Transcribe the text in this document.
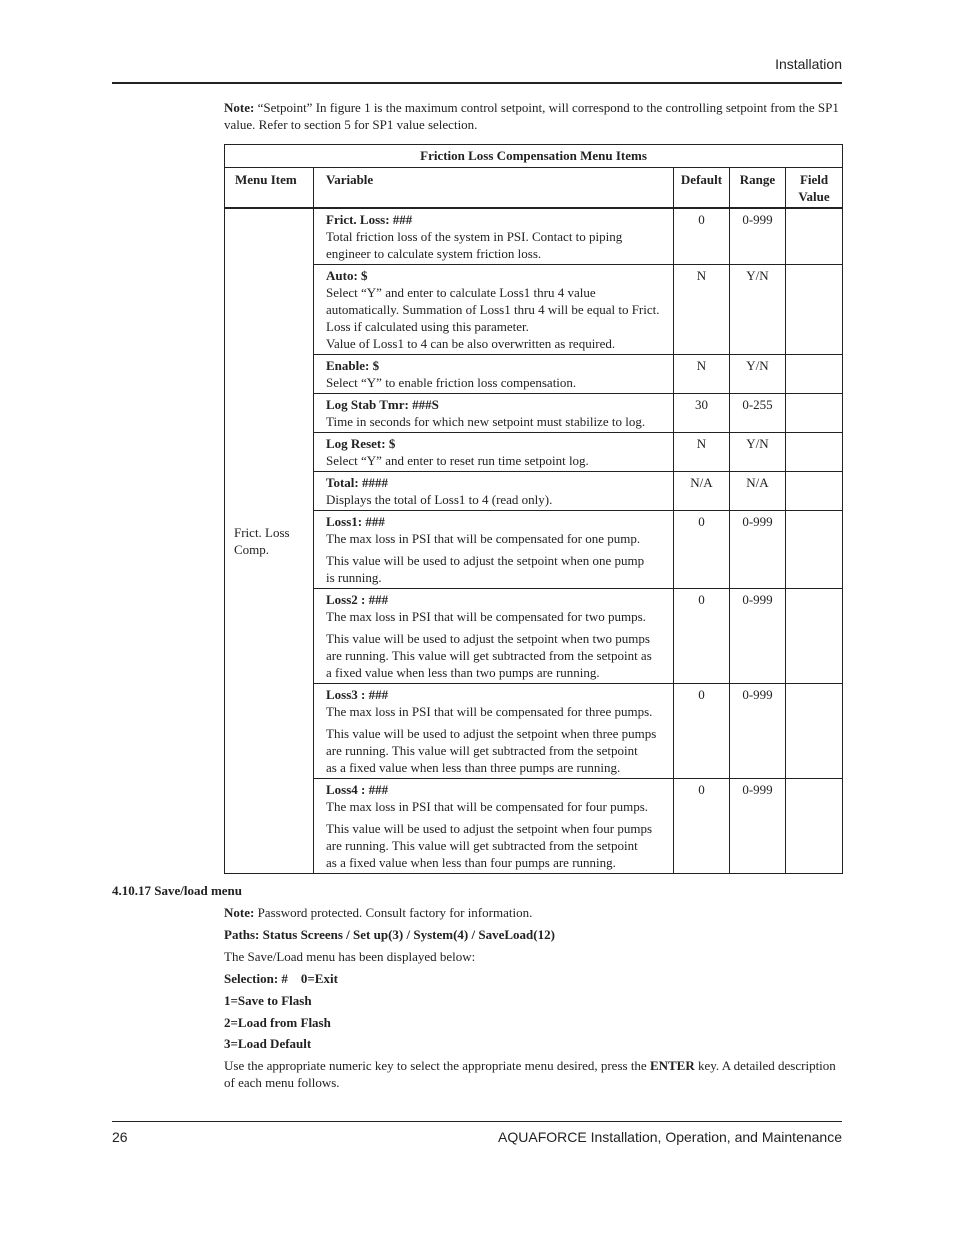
Installation
Note: “Setpoint” In figure 1 is the maximum control setpoint, will correspond to the controlling setpoint from the SP1 value. Refer to section 5 for SP1 value selection.
Friction Loss Compensation Menu Items				
Menu Item	Variable	Default	Range	Field Value
Frict. Loss Comp.	Frict. Loss: ###
Total friction loss of the system in PSI. Contact to piping
engineer to calculate system friction loss.	0	0-999	

	Auto: $
Select “Y” and enter to calculate Loss1 thru 4 value
automatically. Summation of Loss1 thru 4 will be equal to Frict.
Loss if calculated using this parameter.
Value of Loss1 to 4 can be also overwritten as required.	N	Y/N	

	Enable: $
Select “Y” to enable friction loss compensation.	N	Y/N	

	Log Stab Tmr: ###S
Time in seconds for which new setpoint must stabilize to log.	30	0-255	

	Log Reset: $
Select “Y” and enter to reset run time setpoint log.	N	Y/N	

	Total: ####
Displays the total of Loss1 to 4 (read only).	N/A	N/A	

	Loss1: ###
The max loss in PSI that will be compensated for one pump.
This value will be used to adjust the setpoint when one pump
is running.	0	0-999	

	Loss2 : ###
The max loss in PSI that will be compensated for two pumps.
This value will be used to adjust the setpoint when two pumps
are running. This value will get subtracted from the setpoint as
a fixed value when less than two pumps are running.	0	0-999	

	Loss3 : ###
The max loss in PSI that will be compensated for three pumps.
This value will be used to adjust the setpoint when three pumps
are running. This value will get subtracted from the setpoint
as a fixed value when less than three pumps are running.	0	0-999	

	Loss4 : ###
The max loss in PSI that will be compensated for four pumps.
This value will be used to adjust the setpoint when four pumps
are running. This value will get subtracted from the setpoint
as a fixed value when less than four pumps are running.	0	0-999	
4.10.17 Save/load menu
Note: Password protected. Consult factory for information.
Paths: Status Screens / Set up(3) / System(4) / SaveLoad(12)
The Save/Load menu has been displayed below:
Selection: #    0=Exit
1=Save to Flash
2=Load from Flash
3=Load Default
Use the appropriate numeric key to select the appropriate menu desired, press the ENTER key. A detailed description of each menu follows.
26	AQUAFORCE Installation, Operation, and Maintenance
